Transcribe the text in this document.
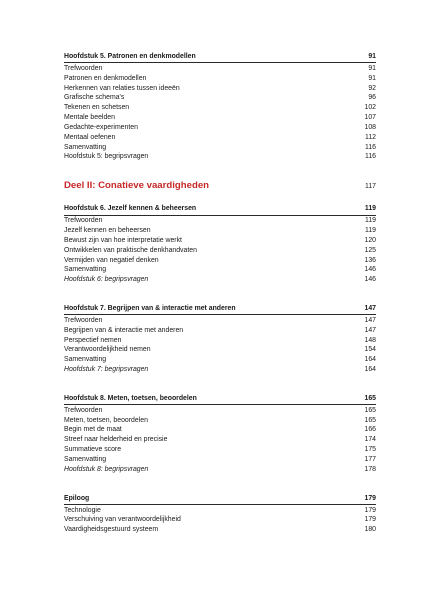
Hoofdstuk 5. Patronen en denkmodellen	91
Trefwoorden	91
Patronen en denkmodellen	91
Herkennen van relaties tussen ideeën	92
Grafische schema's	96
Tekenen en schetsen	102
Mentale beelden	107
Gedachte-experimenten	108
Mentaal oefenen	112
Samenvatting	116
Hoofdstuk 5: begripsvragen	116
Deel II: Conatieve vaardigheden	117
Hoofdstuk 6. Jezelf kennen & beheersen	119
Trefwoorden	119
Jezelf kennen en beheersen	119
Bewust zijn van hoe interpretatie werkt	120
Ontwikkelen van praktische denkhandvaten	125
Vermijden van negatief denken	136
Samenvatting	146
Hoofdstuk 6: begripsvragen	146
Hoofdstuk 7. Begrijpen van & interactie met anderen	147
Trefwoorden	147
Begrijpen van & interactie met anderen	147
Perspectief nemen	148
Verantwoordelijkheid nemen	154
Samenvatting	164
Hoofdstuk 7: begripsvragen	164
Hoofdstuk 8. Meten, toetsen, beoordelen	165
Trefwoorden	165
Meten, toetsen, beoordelen	165
Begin met de maat	166
Streef naar helderheid en precisie	174
Summatieve score	175
Samenvatting	177
Hoofdstuk 8: begripsvragen	178
Epiloog	179
Technologie	179
Verschuiving van verantwoordelijkheid	179
Vaardigheidsgestuurd systeem	180
